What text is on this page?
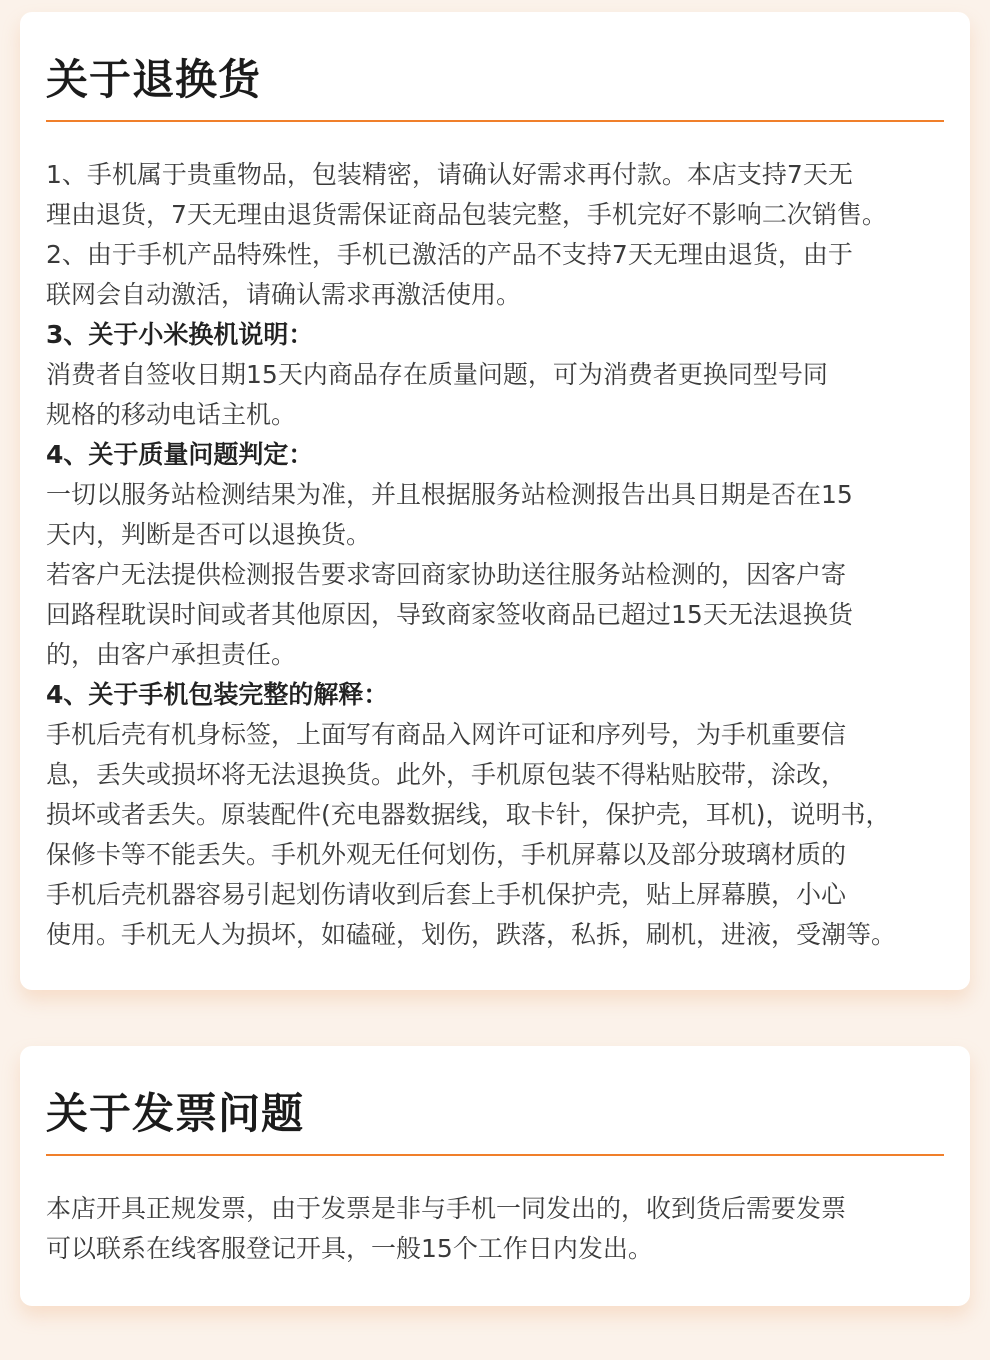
关于退换货
1、手机属于贵重物品，包装精密，请确认好需求再付款。本店支持7天无
理由退货，7天无理由退货需保证商品包装完整，手机完好不影响二次销售。
2、由于手机产品特殊性，手机已激活的产品不支持7天无理由退货，由于
联网会自动激活，请确认需求再激活使用。
3、关于小米换机说明：
消费者自签收日期15天内商品存在质量问题，可为消费者更换同型号同
规格的移动电话主机。
4、关于质量问题判定：
一切以服务站检测结果为准，并且根据服务站检测报告出具日期是否在15
天内，判断是否可以退换货。
若客户无法提供检测报告要求寄回商家协助送往服务站检测的，因客户寄
回路程耽误时间或者其他原因，导致商家签收商品已超过15天无法退换货
的，由客户承担责任。
4、关于手机包装完整的解释：
手机后壳有机身标签，上面写有商品入网许可证和序列号，为手机重要信
息，丢失或损坏将无法退换货。此外，手机原包装不得粘贴胶带，涂改，
损坏或者丢失。原装配件(充电器数据线，取卡针，保护壳，耳机)，说明书，
保修卡等不能丢失。手机外观无任何划伤，手机屏幕以及部分玻璃材质的
手机后壳机器容易引起划伤请收到后套上手机保护壳，贴上屏幕膜，小心
使用。手机无人为损坏，如磕碰，划伤，跌落，私拆，刷机，进液，受潮等。
关于发票问题
本店开具正规发票，由于发票是非与手机一同发出的，收到货后需要发票
可以联系在线客服登记开具，一般15个工作日内发出。
